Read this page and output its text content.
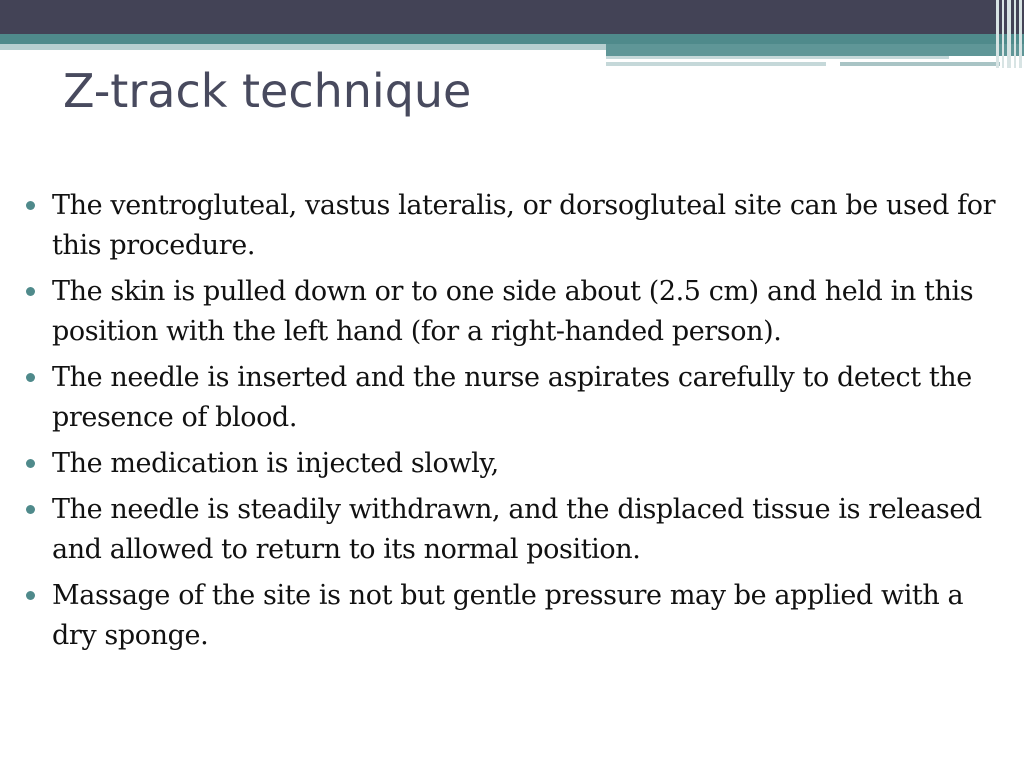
Z-track technique
The ventrogluteal, vastus lateralis, or dorsogluteal site can be used for this procedure.
The skin is pulled down or to one side about (2.5 cm) and held in this position with the left hand (for a right-handed person).
The needle is inserted and the nurse aspirates carefully to detect the presence of blood.
The medication is injected slowly,
The needle is steadily withdrawn, and the displaced tissue is released and allowed to return to its normal position.
Massage of the site is not but gentle pressure may be applied with a dry sponge.
